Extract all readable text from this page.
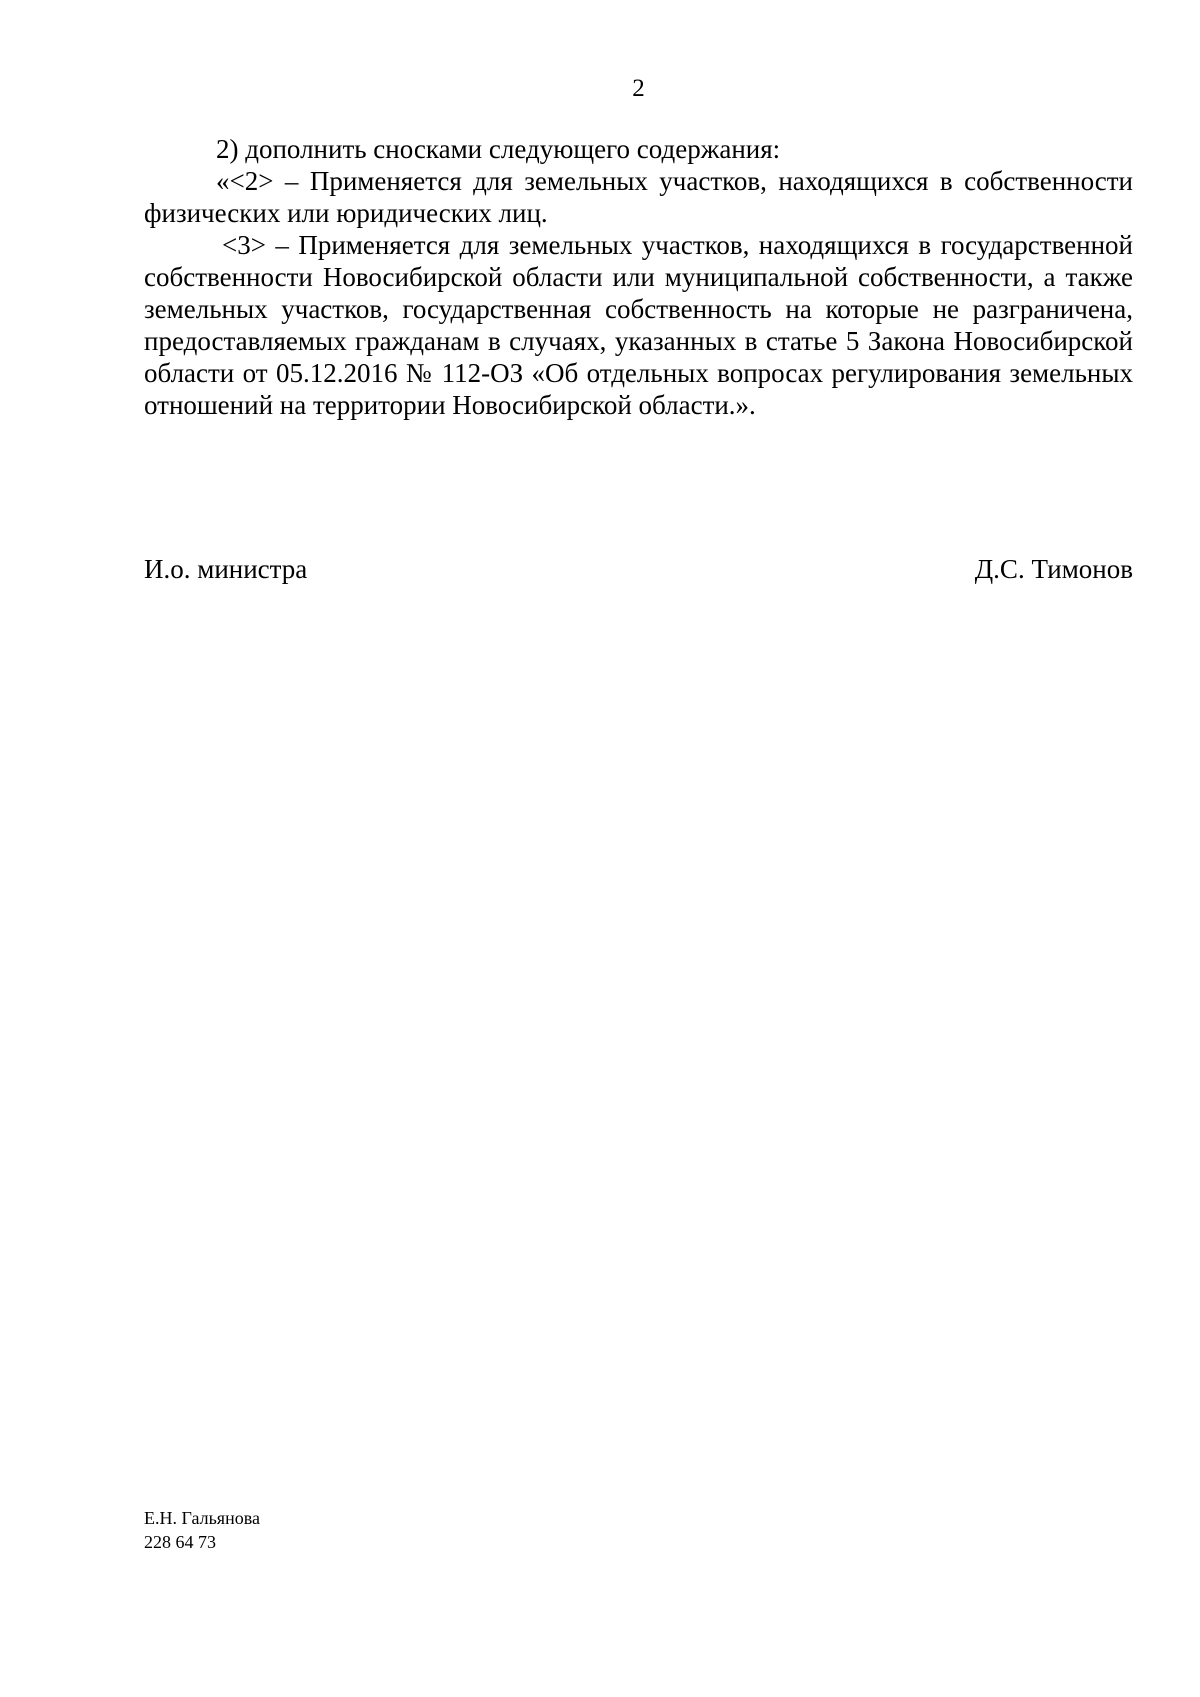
2

2) дополнить сносками следующего содержания:

«<2> – Применяется для земельных участков, находящихся в собственности физических или юридических лиц.

<3> – Применяется для земельных участков, находящихся в государственной собственности Новосибирской области или муниципальной собственности, а также земельных участков, государственная собственность на которые не разграничена, предоставляемых гражданам в случаях, указанных в статье 5 Закона Новосибирской области от 05.12.2016 № 112-ОЗ «Об отдельных вопросах регулирования земельных отношений на территории Новосибирской области.».

И.о. министра	Д.С. Тимонов
Е.Н. Гальянова
228 64 73
